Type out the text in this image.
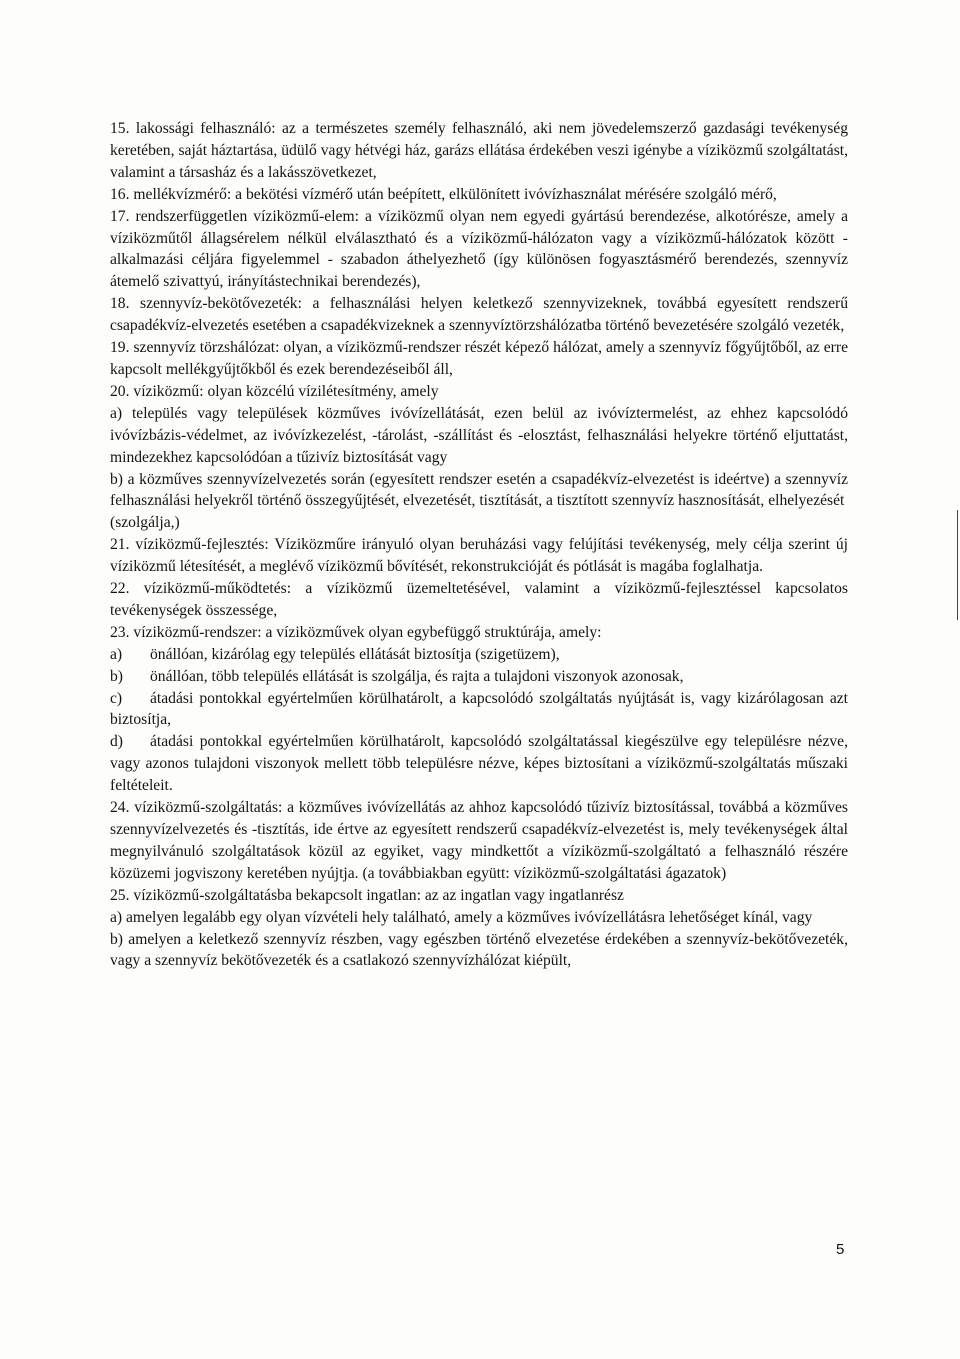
15. lakossági felhasználó: az a természetes személy felhasználó, aki nem jövedelemszerző gazdasági tevékenység keretében, saját háztartása, üdülő vagy hétvégi ház, garázs ellátása érdekében veszi igénybe a víziközmű szolgáltatást, valamint a társasház és a lakásszövetkezet,

16. mellékvízmérő: a bekötési vízmérő után beépített, elkülönített ivóvízhasználat mérésére szolgáló mérő,

17. rendszerfüggetlen víziközmű-elem: a víziközmű olyan nem egyedi gyártású berendezése, alkotórésze, amely a víziközműtől állagsérelem nélkül elválasztható és a víziközmű-hálózaton vagy a víziközmű-hálózatok között - alkalmazási céljára figyelemmel - szabadon áthelyezhető (így különösen fogyasztásmérő berendezés, szennyvíz átemelő szivattyú, irányítástechnikai berendezés),

18. szennyvíz-bekötővezeték: a felhasználási helyen keletkező szennyvizeknek, továbbá egyesített rendszerű csapadékvíz-elvezetés esetében a csapadékvizeknek a szennyvíztörzshálózatba történő bevezetésére szolgáló vezeték,

19. szennyvíz törzshálózat: olyan, a víziközmű-rendszer részét képező hálózat, amely a szennyvíz főgyűjtőből, az erre kapcsolt mellékgyűjtőkből és ezek berendezéseiből áll,

20. víziközmű: olyan közcélú vízilétesítmény, amely

a) település vagy települések közműves ivóvízellátását, ezen belül az ivóvíztermelést, az ehhez kapcsolódó ivóvízbázis-védelmet, az ivóvízkezelést, -tárolást, -szállítást és -elosztást, felhasználási helyekre történő eljuttatást, mindezekhez kapcsolódóan a tűzivíz biztosítását vagy

b) a közműves szennyvízelvezetés során (egyesített rendszer esetén a csapadékvíz-elvezetést is ideértve) a szennyvíz felhasználási helyekről történő összegyűjtését, elvezetését, tisztítását, a tisztított szennyvíz hasznosítását, elhelyezését

(szolgálja,)

21. víziközmű-fejlesztés: Víziközműre irányuló olyan beruházási vagy felújítási tevékenység, mely célja szerint új víziközmű létesítését, a meglévő víziközmű bővítését, rekonstrukcióját és pótlását is magába foglalhatja.

22. víziközmű-működtetés: a víziközmű üzemeltetésével, valamint a víziközmű-fejlesztéssel kapcsolatos tevékenységek összessége,

23. víziközmű-rendszer: a víziközművek olyan egybefüggő struktúrája, amely:

a) önállóan, kizárólag egy település ellátását biztosítja (szigetüzem),

b) önállóan, több település ellátását is szolgálja, és rajta a tulajdoni viszonyok azonosak,

c) átadási pontokkal egyértelműen körülhatárolt, a kapcsolódó szolgáltatás nyújtását is, vagy kizárólagosan azt biztosítja,

d) átadási pontokkal egyértelműen körülhatárolt, kapcsolódó szolgáltatással kiegészülve egy településre nézve, vagy azonos tulajdoni viszonyok mellett több településre nézve, képes biztosítani a víziközmű-szolgáltatás műszaki feltételeit.

24. víziközmű-szolgáltatás: a közműves ivóvízellátás az ahhoz kapcsolódó tűzivíz biztosítással, továbbá a közműves szennyvízelvezetés és -tisztítás, ide értve az egyesített rendszerű csapadékvíz-elvezetést is, mely tevékenységek által megnyilvánuló szolgáltatások közül az egyiket, vagy mindkettőt a víziközmű-szolgáltató a felhasználó részére közüzemi jogviszony keretében nyújtja. (a továbbiakban együtt: víziközmű-szolgáltatási ágazatok)

25. víziközmű-szolgáltatásba bekapcsolt ingatlan: az az ingatlan vagy ingatlanrész

a) amelyen legalább egy olyan vízvételi hely található, amely a közműves ivóvízellátásra lehetőséget kínál, vagy

b) amelyen a keletkező szennyvíz részben, vagy egészben történő elvezetése érdekében a szennyvíz-bekötővezeték, vagy a szennyvíz bekötővezeték és a csatlakozó szennyvízhálózat kiépült,

5
